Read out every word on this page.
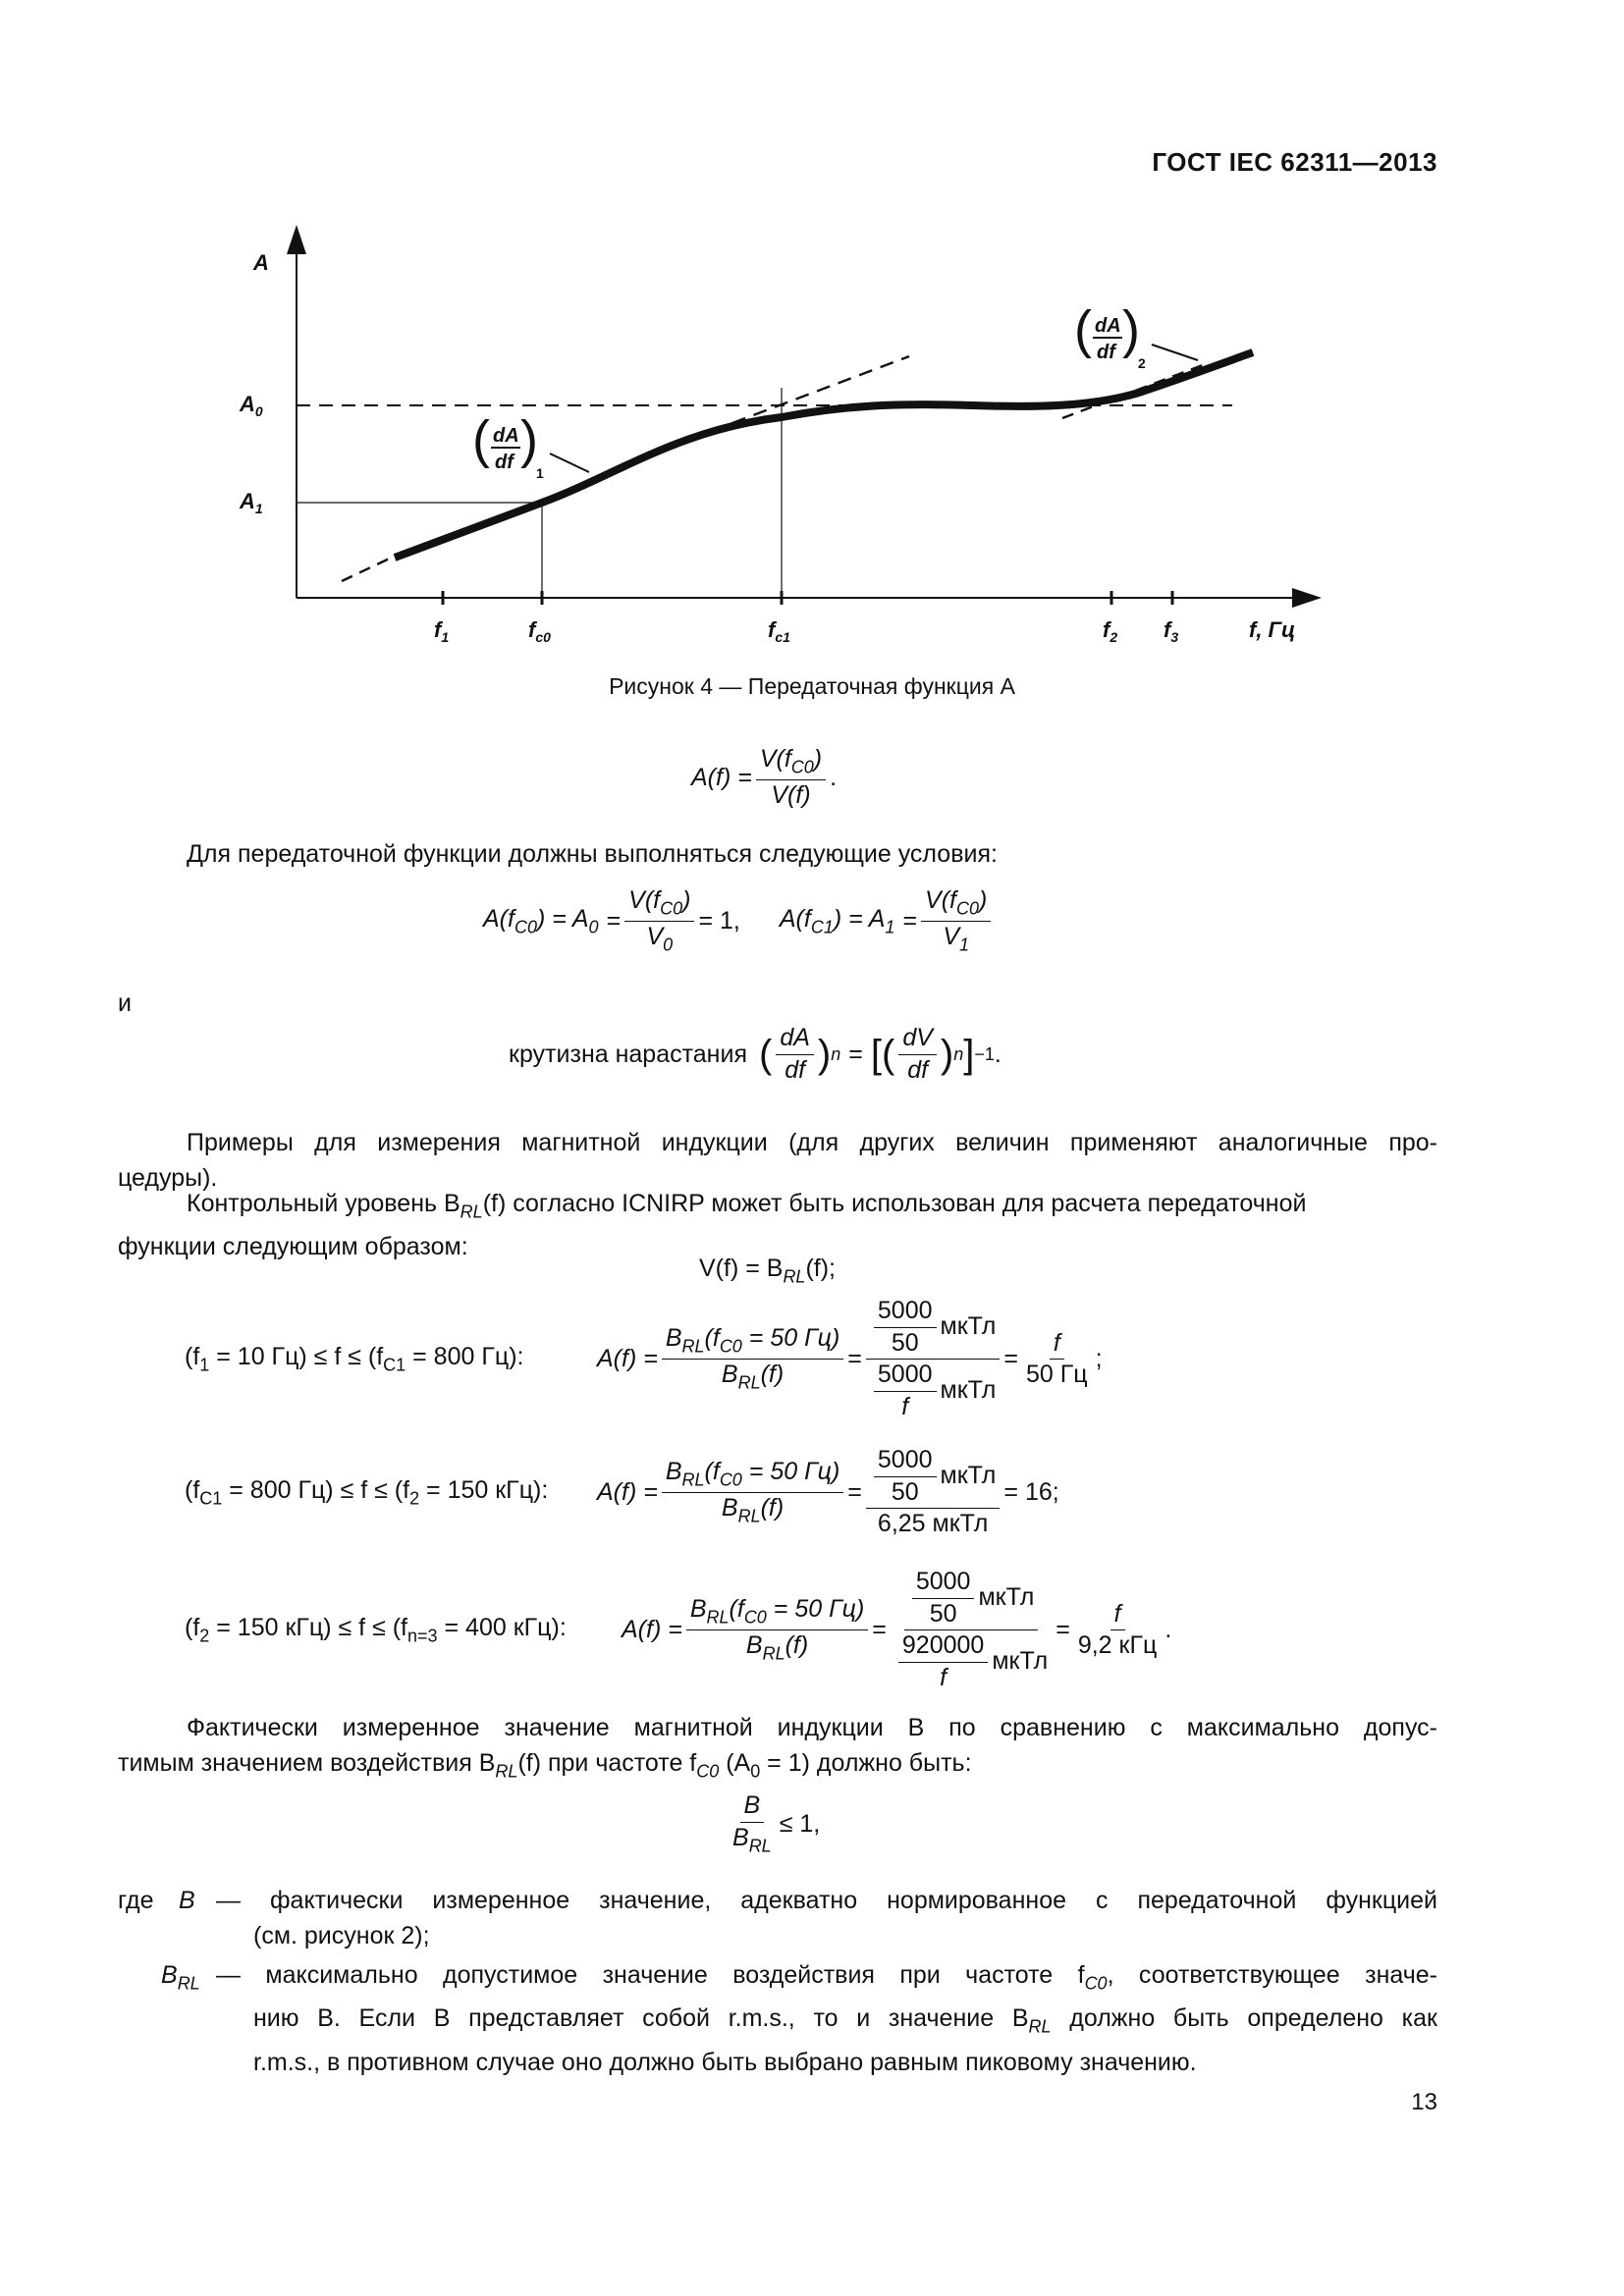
ГОСТ IEC 62311—2013
A
$A_0$
$A_1$
$f_1$	$f_{c0}$	$f_{c1}$	$f_2$ $f_3$	f, Гц
( dA
df )
1
( dA
df )
2
Рисунок 4 — Передаточная функция A
$A(f) = \frac{V(f_{C0})}{V(f)}$ .
Для передаточной функции должны выполняться следующие условия:
$A(f_{C0}) = A_0 = \frac{V(f_{C0})}{V_0} = 1$, $A(f_{C1}) = A_1 = \frac{V(f_{C0})}{V_1}$
и
крутизна нарастания ( $\frac{dA}{df}$ ) n = [ ( $\frac{dV}{df}$ ) n ] −1 .
Примеры для измерения магнитной индукции (для других величин применяют аналогичные про-
цедуры).
Контрольный уровень $B_{RL}(f)$ согласно ICNIRP может быть использован для расчета передаточной
функции следующим образом:
$V(f) = B_{RL}(f)$;
($f_1 = 10$ $Гц) \le f \le (f_{C1} = 800$ Гц):	$A(f) = \frac{B_{RL}(f_{C0} = 50 Гц)}{B_{RL}(f)} = \frac{\frac{5000}{50} мкТл}{\frac{5000}{f} мкТл} = \frac{f}{50 Гц}$ ;
($f_{C1} = 800$ $Гц) \le f \le (f_2 = 150$ кГц):	$A(f) = \frac{B_{RL}(f_{C0} = 50 Гц)}{B_{RL}(f)} = \frac{\frac{5000}{50} мкТл}{\text{6,25 мкТл}} = 16$;
($f_2 = 150$ $кГц) \le f \le (f_{n=3} = 400$ кГц):	$A(f) = \frac{B_{RL}(f_{C0} = 50 Гц)}{B_{RL}(f)} = \frac{\frac{5000}{50} мкТл}{\frac{920000}{f} мкТл} = \frac{f}{\text{9,2 кГц}}$ .
Фактически измеренное значение магнитной индукции B по сравнению с максимально допус-
тимым значением воздействия $B_{RL}(f)$ при частоте $f_{C0}$ $(A_0 = 1)$ должно быть:
$\frac{B}{B_{RL}} \le 1$,
где	B — фактически измеренное значение, адекватно нормированное с передаточной функцией
(см. рисунок 2);
$B_{RL}$ — максимально допустимое значение воздействия при частоте $f_{C0}$, соответствующее значе-
нию B. Если B представляет собой r.m.s., то и значение $B_{RL}$ должно быть определено как
r.m.s., в противном случае оно должно быть выбрано равным пиковому значению.
13
